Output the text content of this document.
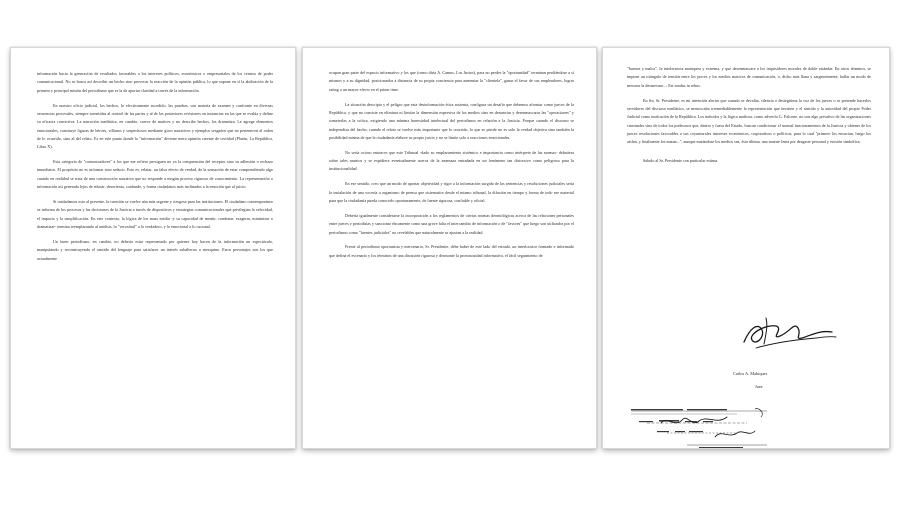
información hacia la generación de resultados favorables a los intereses políticos, económicos o empresariales de los centros de poder comunicacional. No se busca así describir un hecho sino provocar la reacción de la opinión pública, lo que supone en sí la abdicación de la primera y principal misión del periodismo que es la de aportar claridad a través de la información.

En nuestro oficio judicial, los hechos, lo efectivamente sucedido, las pruebas, son materia de examen y confronte en diversas secuencias procesales, siempre sometidas al control de las partes y al de las posteriores revisiones en instancias en las que se evalúa y define su eficacia convictiva. La narración mediática, en cambio, carece de matices y no describe hechos, los dramatiza. Le agrega elementos emocionales, construye figuras de héroes, villanos y sospechosos mediante giros narrativos y ejemplos sesgados que no pertenecen al orden de lo ocurrido, sino al del relato. Es en este punto donde la "información" deviene mera opinión carente de certidad (Platón, La República, Libro X).

Esta categoría de "comunicadores" a los que me refiero persiguen no ya la comprensión del receptor sino su adhesión o rechazo inmediatos. El propósito no es informar sino seducir. Esto es, relatar, un falso efecto de verdad, de la sensación de estar comprendiendo algo cuando en realidad se trata de una construcción narrativa que no responde a ningún proceso riguroso de conocimiento. La representación o información así generada lejos de educar, desorienta, confunde, y forma ciudadanos más inclinados a la emoción que al juicio.

Si trasladamos esto al presente, la cuestión se vuelve aún más urgente y riesgosa para las instituciones. El ciudadano contemporáneo se informa de los procesos y las decisiones de la Justicia a través de dispositivos y estrategias comunicacionales que privilegian la velocidad, el impacto y la simplificación. En este contexto, la lógica de los mass media -y su capacidad de mentir, condenar, exagerar, minimizar o dramatizar- termina reemplazando al análisis, lo "verosímil" a lo verdadero, y lo emocional a lo racional.

Un buen periodismo, en cambio, no debería estar representado por quienes hoy hacen de la información un espectáculo, manipulando y reconstruyendo el sentido del lenguaje para satisfacer un interés subalterno o mezquino. Estos personajes son los que actualmente

ocupan gran parte del espacio informativo y los que (como diría A. Camus, Los Justos), para no perder la "oportunidad" terminan perdiéndose a sí mismos y a su dignidad, posicionados a distancia de su propia conciencia para aumentar la "clientela", ganar el favor de sus empleadores, lograr rating o un mayor efecto en el prime time.

La situación descripta y el peligro que esta desinformación ética sustenta, configura un desafío que debemos afrontar como jueces de la República, y que no consiste en eliminar ni limitar la dimensión expresiva de los medios sino en denunciar y desenmascarar las "operaciones" y someterlas a la crítica, exigiendo una mínima honestidad intelectual del periodismo en relación a la Justicia. Porque cuando el discurso se independiza del hecho, cuando el relato se vuelve más importante que lo ocurrido, lo que se pierde no es solo la verdad objetiva sino también la posibilidad misma de que la ciudadanía elabore su propio juicio y no se limite solo a reacciones emocionales.

No sería ocioso entonces que este Tribunal -dado su emplazamiento sistémico e importancia como intérprete de las normas- debatiera sobre tales asuntos y se expidiera eventualmente acerca de la amenaza entrañada en un fenómeno tan distorsivo como peligroso para la institucionalidad.

En ese sentido, creo que un modo de aportar objetividad y rigor a la información surgida de las sentencias y resoluciones judiciales sería la instalación de una vocería u organismo de prensa que sistematice desde el mismo tribunal, la difusión en tiempo y forma de todo ese material para que la ciudadanía pueda conocerlo oportunamente, de fuente rigurosa, confiable y oficial.

Debería igualmente considerarse la incorporación a los reglamentos de ciertas normas deontológicas acerca de las relaciones personales entre jueces y periodistas y sancionar éticamente como una grave falta el intercambio de información o de "favores" que luego son utilizados por el periodismo como "fuentes judiciales" no revelables que naturalmente se ajustan a la realidad.

Frente al periodismo oportunista y mercenario, Sr. Presidente, debe haber de este lado del estrado, un interlocutor formado e informado que defina el escenario y los términos de una discusión rigurosa y desmonte la promiscuidad informativa, el fácil seguimiento de

"buenos y malos", la intolerancia maniquea y extrema, y que desenmascare a los inquisidores morales de doble estándar. En otros términos, se impone un triángulo de tensión entre los jueces y los medios masivos de comunicación, o, dicho más llana y sargentemente, hallar un modo de mesurar la desmesura...: Est modus in rebus.

En fin, Sr. Presidente, es mi intención alertar que cuando se devalúa, silencia o desiegítima la voz de los jueces o se pretende hacerlos servidores del discurso mediático, se menoscaba irremediablemente la representación que invisten y el sentido y la autoridad del propio Poder Judicial como institución de la República. Los métodos y la lógica mafiosa, como advertía G. Falcone, no son algo privativo de las organizaciones criminales sino de todos los poderosos que, dentro y fuera del Estado, buscan condicionar el normal funcionamiento de la Justicia y obtener de los jueces resoluciones favorables a sus coyunturales intereses económicos, corporativos o políticos, para lo cual "primero los ensucian, luego los aíslan, y finalmente los matan...", aunque matándose los medios sea, ésta última, una muerte lenta por desgaste personal y erosión simbólica.

Saludo al Sr. Presidente con particular estima.
Carlos A. Mahiques
Juez
